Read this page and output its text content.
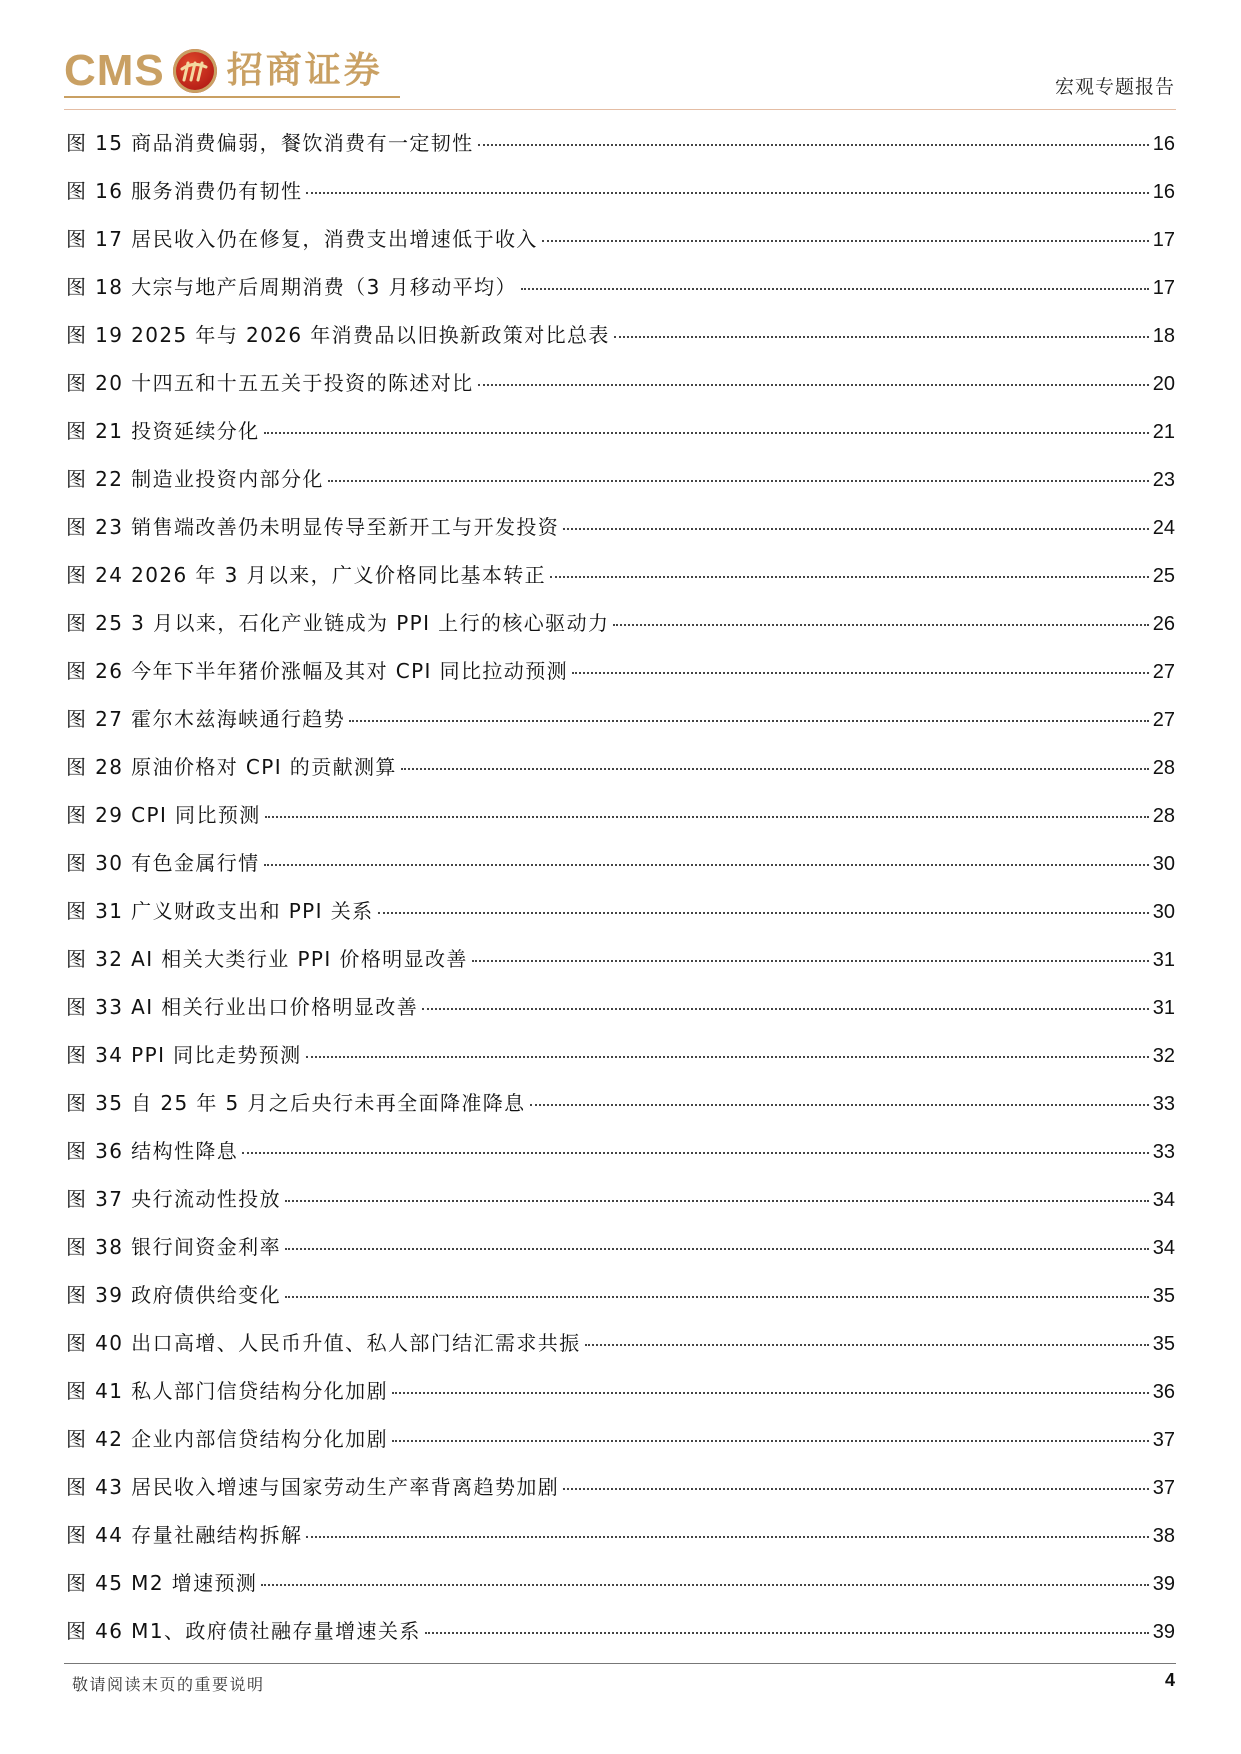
CMS 招商证券	宏观专题报告
图 15 商品消费偏弱，餐饮消费有一定韧性	16
图 16 服务消费仍有韧性	16
图 17 居民收入仍在修复，消费支出增速低于收入	17
图 18 大宗与地产后周期消费（3 月移动平均）	17
图 19 2025 年与 2026 年消费品以旧换新政策对比总表	18
图 20 十四五和十五五关于投资的陈述对比	20
图 21 投资延续分化	21
图 22 制造业投资内部分化	23
图 23 销售端改善仍未明显传导至新开工与开发投资	24
图 24 2026 年 3 月以来，广义价格同比基本转正	25
图 25 3 月以来，石化产业链成为 PPI 上行的核心驱动力	26
图 26 今年下半年猪价涨幅及其对 CPI 同比拉动预测	27
图 27 霍尔木兹海峡通行趋势	27
图 28 原油价格对 CPI 的贡献测算	28
图 29 CPI 同比预测	28
图 30 有色金属行情	30
图 31 广义财政支出和 PPI 关系	30
图 32 AI 相关大类行业 PPI 价格明显改善	31
图 33 AI 相关行业出口价格明显改善	31
图 34 PPI 同比走势预测	32
图 35 自 25 年 5 月之后央行未再全面降准降息	33
图 36 结构性降息	33
图 37 央行流动性投放	34
图 38 银行间资金利率	34
图 39 政府债供给变化	35
图 40 出口高增、人民币升值、私人部门结汇需求共振	35
图 41 私人部门信贷结构分化加剧	36
图 42 企业内部信贷结构分化加剧	37
图 43 居民收入增速与国家劳动生产率背离趋势加剧	37
图 44 存量社融结构拆解	38
图 45 M2 增速预测	39
图 46 M1、政府债社融存量增速关系	39
敬请阅读末页的重要说明	4
